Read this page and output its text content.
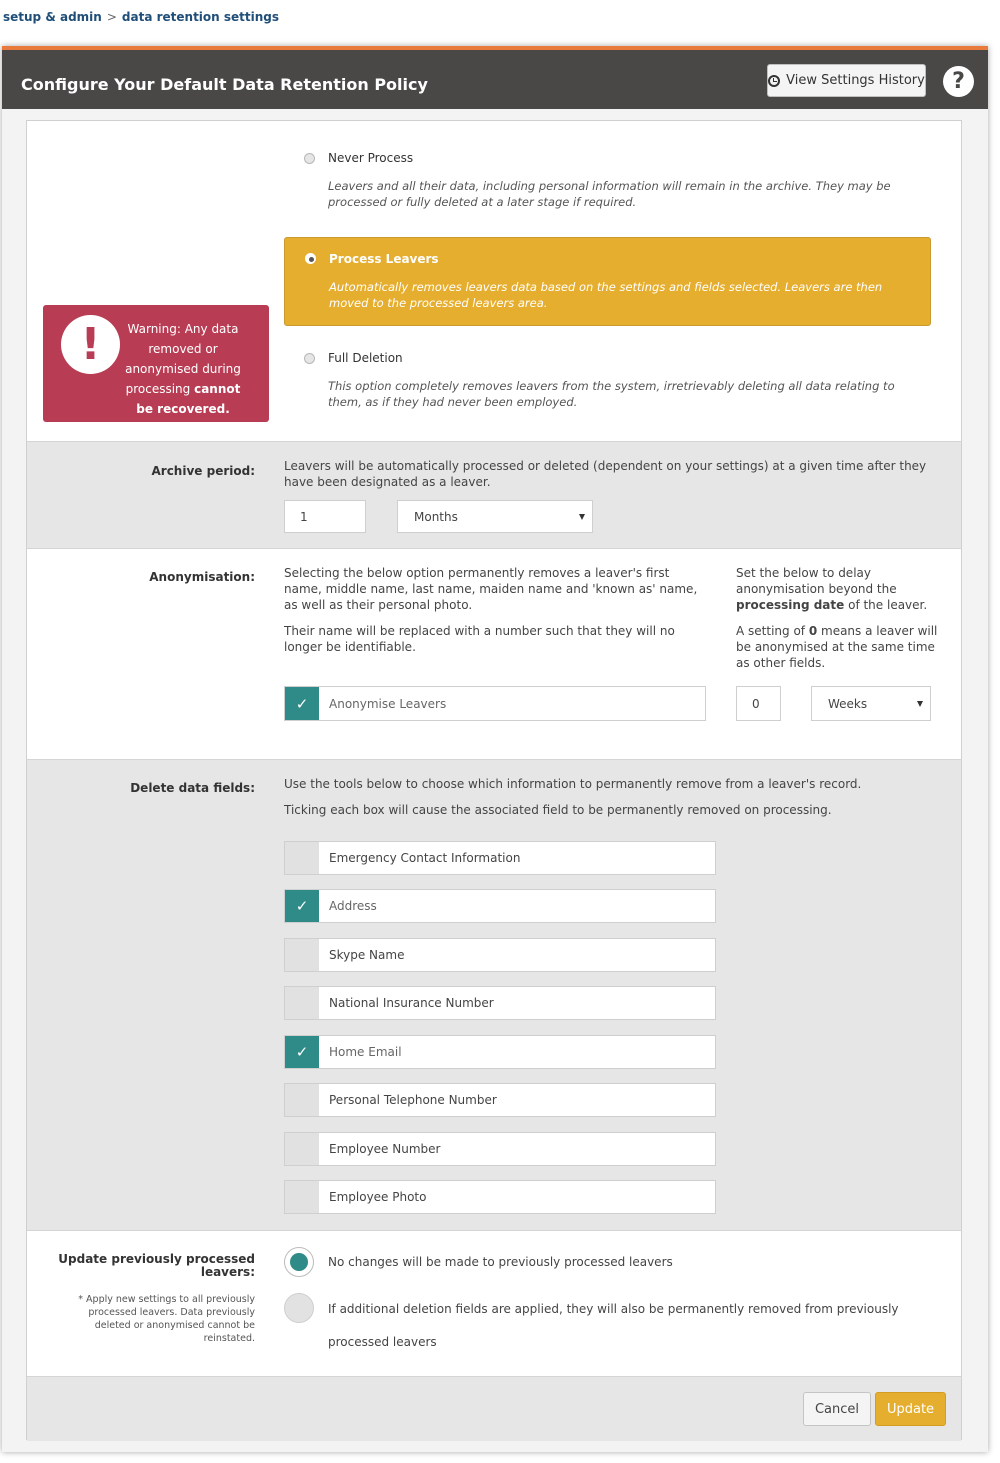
setup & admin > data retention settings
Configure Your Default Data Retention Policy	View Settings History	?
!	Warning: Any data removed or anonymised during processing cannot be recovered.
Never Process
Leavers and all their data, including personal information will remain in the archive. They may be processed or fully deleted at a later stage if required.
Process Leavers
Automatically removes leavers data based on the settings and fields selected. Leavers are then moved to the processed leavers area.
Full Deletion
This option completely removes leavers from the system, irretrievably deleting all data relating to them, as if they had never been employed.
Archive period: Leavers will be automatically processed or deleted (dependent on your settings) at a given time after they have been designated as a leaver.
1	Months
Anonymisation: Selecting the below option permanently removes a leaver's first name, middle name, last name, maiden name and 'known as' name, as well as their personal photo.
Their name will be replaced with a number such that they will no longer be identifiable.
Set the below to delay anonymisation beyond the processing date of the leaver.
A setting of 0 means a leaver will be anonymised at the same time as other fields.
✓	Anonymise Leavers	0	Weeks
Delete data fields: Use the tools below to choose which information to permanently remove from a leaver's record.
Ticking each box will cause the associated field to be permanently removed on processing.
Emergency Contact Information
✓	Address
Skype Name
National Insurance Number
✓	Home Email
Personal Telephone Number
Employee Number
Employee Photo
Update previously processed leavers:
* Apply new settings to all previously processed leavers. Data previously deleted or anonymised cannot be reinstated.
No changes will be made to previously processed leavers
If additional deletion fields are applied, they will also be permanently removed from previously
processed leavers
Cancel	Update
